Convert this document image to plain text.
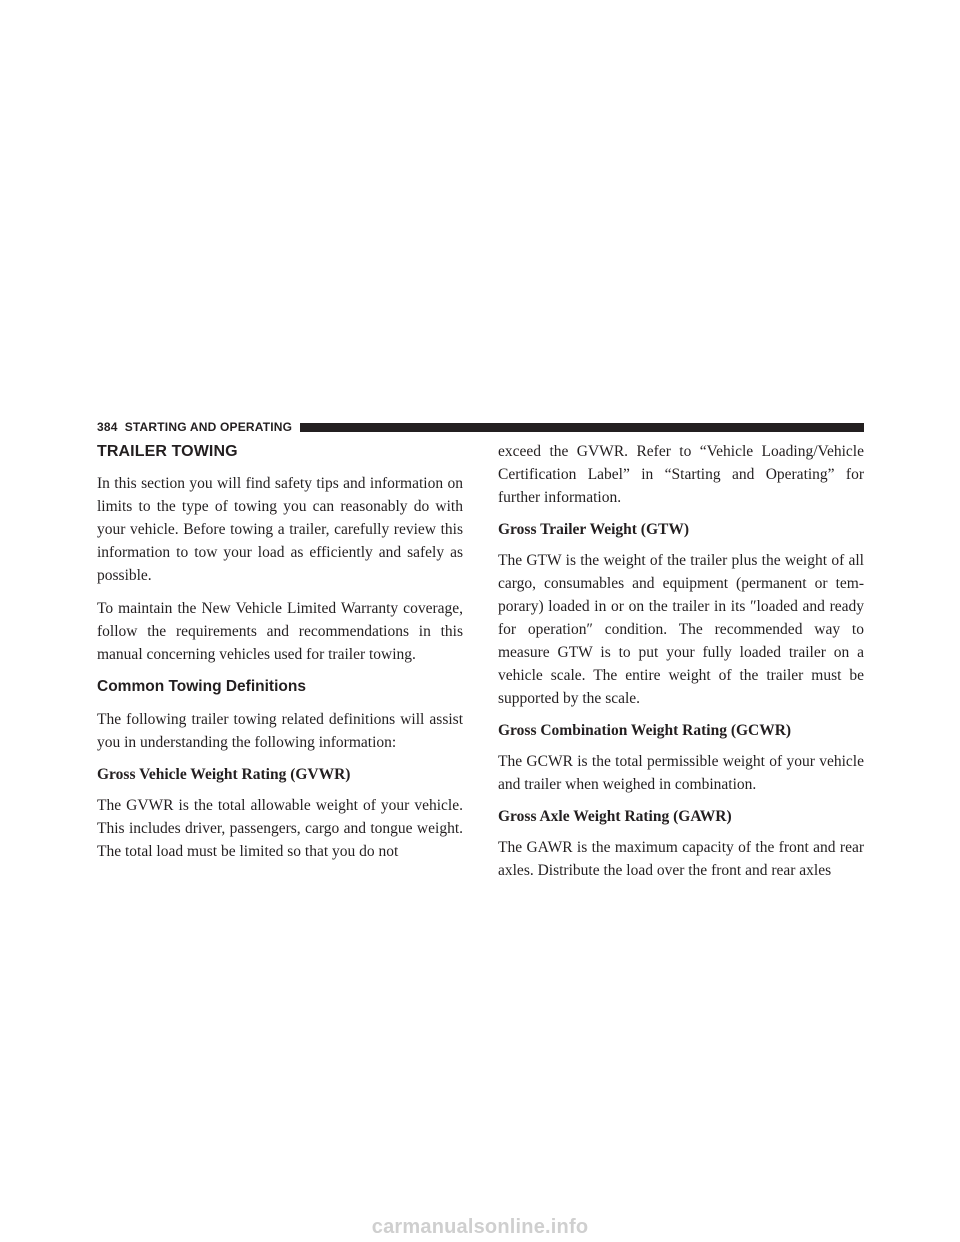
384 STARTING AND OPERATING
TRAILER TOWING

In this section you will find safety tips and information on limits to the type of towing you can reasonably do with your vehicle. Before towing a trailer, carefully review this information to tow your load as efficiently and safely as possible.

To maintain the New Vehicle Limited Warranty coverage, follow the requirements and recommendations in this manual concerning vehicles used for trailer towing.

Common Towing Definitions

The following trailer towing related definitions will assist you in understanding the following information:

Gross Vehicle Weight Rating (GVWR)

The GVWR is the total allowable weight of your vehicle. This includes driver, passengers, cargo and tongue weight. The total load must be limited so that you do not

exceed the GVWR. Refer to “Vehicle Loading/Vehicle Certification Label” in “Starting and Operating” for further information.

Gross Trailer Weight (GTW)

The GTW is the weight of the trailer plus the weight of all cargo, consumables and equipment (permanent or tem-porary) loaded in or on the trailer in its ″loaded and ready for operation″ condition. The recommended way to measure GTW is to put your fully loaded trailer on a vehicle scale. The entire weight of the trailer must be supported by the scale.

Gross Combination Weight Rating (GCWR)

The GCWR is the total permissible weight of your vehicle and trailer when weighed in combination.

Gross Axle Weight Rating (GAWR)

The GAWR is the maximum capacity of the front and rear axles. Distribute the load over the front and rear axles

carmanualsonline.info
